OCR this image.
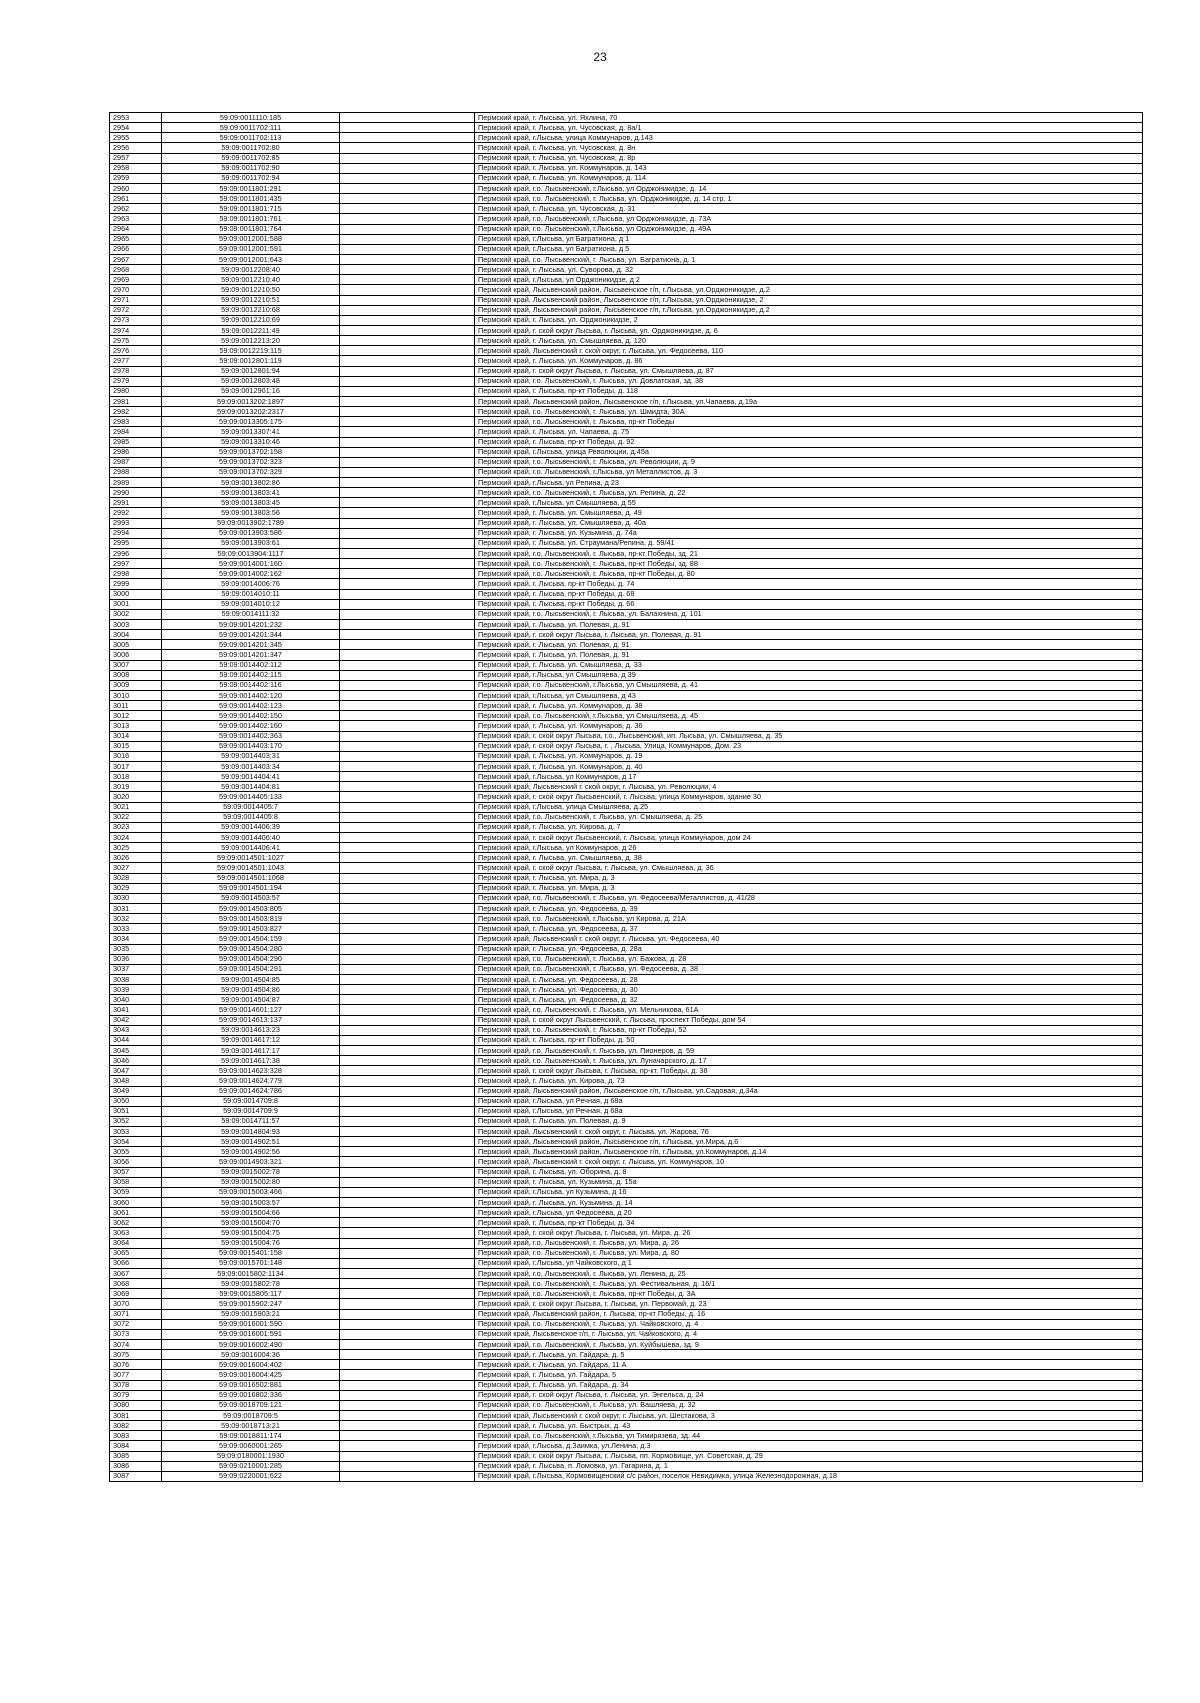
23
2953	59:09:0011110:185		Пермский край, г. Лысьва, ул. Яхлина, 70
2954	59:09:0011702:111		Пермский край, г. Лысьва, ул. Чусовская, д. 8а/1
2955	59:09:0011702:113		Пермский край, г.Лысьва, улица Коммунаров, д.143
2956	59:09:0011702:80		Пермский край, г. Лысьва, ул. Чусовская, д. 8н
2957	59:09:0011702:85		Пермский край, г. Лысьва, ул. Чусовская, д. 8р
2958	59:09:0011702:90		Пермский край, г. Лысьва, ул. Коммунаров, д. 143
2959	59:09:0011702:94		Пермский край, г. Лысьва, ул. Коммунаров, д. 114
2960	59:09:0011801:291		Пермский край, г.о. Лысьвенский, г.Лысьва, ул Орджоникидзе, д. 14
2961	59:09:0011801:435		Пермский край, г.о. Лысьвенский, г. Лысьва, ул. Орджоникидзе, д. 14 стр. 1
2962	59:09:0011801:715		Пермский край, г. Лысьва, ул. Чусовская, д. 31
2963	59:09:0011801:761		Пермский край, г.о. Лысьвенский, г.Лысьва, ул Орджоникидзе, д. 73А
2964	59:09:0011801:764		Пермский край, г.о. Лысьвенский, г.Лысьва, ул Орджоникидзе, д. 49А
2965	59:09:0012001:588		Пермский край, г.Лысьва, ул Багратиона, д 1
2966	59:09:0012001:591		Пермский край, г.Лысьва, ул Багратиона, д 5
2967	59:09:0012001:643		Пермский край, г.о. Лысьвенский, г. Лысьва, ул. Багратиона, д. 1
2968	59:09:0012208:40		Пермский край, г. Лысьва, ул. Суворова, д. 32
2969	59:09:0012210:40		Пермский край, г.Лысьва, ул Орджоникидзе, д 2
2970	59:09:0012210:50		Пермский край, Лысьвенский район, Лысьвенское г/п, г.Лысьва, ул.Орджоникидзе, д.2
2971	59:09:0012210:51		Пермский край, Лысьвенский район, Лысьвенское г/п, г.Лысьва, ул.Орджоникидзе, 2
2972	59:09:0012210:68		Пермский край, Лысьвенский район, Лысьвенское г/п, г.Лысьва, ул.Орджоникидзе, д.2
2973	59:09:0012210:69		Пермский край, г. Лысьва, ул. Орджоникидзе, 2
2974	59:09:0012211:49		Пермский край, г. ской округ Лысьва, г. Лысьва, ул. Орджоникидзе, д. 6
2975	59:09:0012213:20		Пермский край, г. Лысьва, ул. Смышляева, д. 120
2976	59:09:0012219:115		Пермский край, Лысьвенский г. ской округ, г. Лысьва, ул. Федосеева, 110
2977	59:09:0012801:119		Пермский край, г. Лысьва, ул. Коммунаров, д. 86
2978	59:09:0012801:94		Пермский край, г. ской округ Лысьва, г. Лысьва, ул. Смышляева, д. 87
2979	59:09:0012803:48		Пермский край, г.о. Лысьвенский, г. Лысьва, ул. Довлатская, зд. 38
2980	59:09:0012901:16		Пермский край, г. Лысьва, пр-кт Победы, д. 118
2981	59:09:0013202:1897		Пермский край, Лысьвенский район, Лысьвенское г/п, г.Лысьва, ул.Чапаева, д.19а
2982	59:09:0013202:2317		Пермский край, г.о. Лысьвенский, г. Лысьва, ул. Шмидта, 30А
2983	59:09:0013305:175		Пермский край, г.о. Лысьвенский, г. Лысьва, пр-кт Победы
2984	59:09:0013307:41		Пермский край, г. Лысьва, ул. Чапаева, д. 75
2985	59:09:0013310:46		Пермский край, г. Лысьва, пр-кт Победы, д. 92
2986	59:09:0013702:158		Пермский край, г.Лысьва, улица Революции, д.45а
2987	59:09:0013702:323		Пермский край, г.о. Лысьвенский, г. Лысьва, ул. Революции, д. 9
2988	59:09:0013702:329		Пермский край, г.о. Лысьвенский, г.Лысьва, ул Металлистов, д. 3
2989	59:09:0013802:86		Пермский край, г.Лысьва, ул Репина, д 23
2990	59:09:0013803:41		Пермский край, г.о. Лысьвенский, г. Лысьва, ул. Репина, д. 22
2991	59:09:0013803:45		Пермский край, г.Лысьва, ул Смышляева, д 55
2992	59:09:0013803:56		Пермский край, г. Лысьва, ул. Смышляева, д. 49
2993	59:09:0013902:1789		Пермский край, г. Лысьва, ул. Смышляева, д. 40а
2994	59:09:0013903:586		Пермский край, г. Лысьва, ул. Кузьмина, д. 74а
2995	59:09:0013903:61		Пермский край, г. Лысьва, ул. Страумана/Репина, д. 59/41
2996	59:09:0013904:1117		Пермский край, г.о. Лысьвенский, г. Лысьва, пр-кт Победы, зд. 21
2997	59:09:0014001:160		Пермский край, г.о. Лысьвенский, г. Лысьва, пр-кт Победы, зд. 88
2998	59:09:0014002:162		Пермский край, г.о. Лысьвенский, г. Лысьва, пр-кт Победы, д. 80
2999	59:09:0014006:76		Пермский край, г. Лысьва, пр-кт Победы, д. 74
3000	59:09:0014010:11		Пермский край, г. Лысьва, пр-кт Победы, д. 68
3001	59:09:0014010:12		Пермский край, г. Лысьва, пр-кт Победы, д. 66
3002	59:09:0014111:32		Пермский край, г.о. Лысьвенский, г. Лысьва, ул. Балахнина, д. 101
3003	59:09:0014201:232		Пермский край, г. Лысьва, ул. Полевая, д. 91
3004	59:09:0014201:344		Пермский край, г. ской округ Лысьва, г. Лысьва, ул. Полевая, д. 91
3005	59:09:0014201:345		Пермский край, г. Лысьва, ул. Полевая, д. 91
3006	59:09:0014201:347		Пермский край, г. Лысьва, ул. Полевая, д. 91
3007	59:09:0014402:112		Пермский край, г. Лысьва, ул. Смышляева, д. 33
3008	59:09:0014402:115		Пермский край, г.Лысьва, ул Смышляева, д 39
3009	59:09:0014402:116		Пермский край, г.о. Лысьвенский, г.Лысьва, ул Смышляева, д. 41
3010	59:09:0014402:120		Пермский край, г.Лысьва, ул Смышляева, д 43
3011	59:09:0014402:123		Пермский край, г. Лысьва, ул. Коммунаров, д. 38
3012	59:09:0014402:150		Пермский край, г.о. Лысьвенский, г.Лысьва, ул Смышляева, д. 45
3013	59:09:0014402:160		Пермский край, г. Лысьва, ул. Коммунаров, д. 36
3014	59:09:0014402:363		Пермский край, г. ской округ Лысьва, г.о., Лысьвенский, ип. Лысьва, ул. Смышляева, д. 35
3015	59:09:0014403:170		Пермский край, г. ской округ Лысьва, г. , Лысьва, Улица, Коммунаров, Дом. 23
3016	59:09:0014403:31		Пермский край, г. Лысьва, ул. Коммунаров, д. 19
3017	59:09:0014403:34		Пермский край, г. Лысьва, ул. Коммунаров, д. 40
3018	59:09:0014404:41		Пермский край, г.Лысьва, ул Коммунаров, д 17
3019	59:09:0014404:81		Пермский край, Лысьвенский г. ской округ, г. Лысьва, ул. Революции, 4
3020	59:09:0014405:133		Пермский край, г. ской округ Лысьвенский, г. Лысьва, улица Коммунаров, здание 30
3021	59:09:0014405:7		Пермский край, г.Лысьва, улица Смышляева, д.25
3022	59:09:0014405:8		Пермский край, г.о. Лысьвенский, г. Лысьва, ул. Смышляева, д. 25
3023	59:09:0014406:39		Пермский край, г. Лысьва, ул. Кирова, д. 7
3024	59:09:0014406:40		Пермский край, г. ской округ Лысьвенский, г. Лысьва, улица Коммунаров, дом 24
3025	59:09:0014406:41		Пермский край, г.Лысьва, ул Коммунаров, д 26
3026	59:09:0014501:1027		Пермский край, г. Лысьва, ул. Смышляева, д. 38
3027	59:09:0014501:1043		Пермский край, г. ской округ Лысьва, г. Лысьва, ул. Смышляева, д. 36
3028	59:09:0014501:1068		Пермский край, г. Лысьва, ул. Мира, д. 3
3029	59:09:0014501:194		Пермский край, г. Лысьва, ул. Мира, д. 3
3030	59:09:0014503:57		Пермский край, г.о. Лысьвенский, г. Лысьва, ул. Федосеева/Металлистов, д. 41/28
3031	59:09:0014503:805		Пермский край, г. Лысьва, ул. Федосеева, д. 39
3032	59:09:0014503:819		Пермский край, г.о. Лысьвенский, г.Лысьва, ул Кирова, д. 21А
3033	59:09:0014503:827		Пермский край, г. Лысьва, ул. Федосеева, д. 37
3034	59:09:0014504:159		Пермский край, Лысьвенский г. ской округ, г. Лысьва, ул. Федосеева, 40
3035	59:09:0014504:280		Пермский край, г. Лысьва, ул. Федосеева, д. 28а
3036	59:09:0014504:290		Пермский край, г.о. Лысьвенский, г. Лысьва, ул. Бажова, д. 28
3037	59:09:0014504:291		Пермский край, г.о. Лысьвенский, г. Лысьва, ул. Федосеева, д. 38
3038	59:09:0014504:85		Пермский край, г. Лысьва, ул. Федосеева, д. 28
3039	59:09:0014504:86		Пермский край, г. Лысьва, ул. Федосеева, д. 30
3040	59:09:0014504:87		Пермский край, г. Лысьва, ул. Федосеева, д. 32
3041	59:09:0014601:127		Пермский край, г.о. Лысьвенский, г. Лысьва, ул. Мельникова, 61А
3042	59:09:0014613:137		Пермский край, г. ской округ Лысьвенский, г. Лысьва, проспект Победы, дом 54
3043	59:09:0014613:23		Пермский край, г.о. Лысьвенский, г. Лысьва, пр-кт Победы, 52
3044	59:09:0014617:12		Пермский край, г. Лысьва, пр-кт Победы, д. 50
3045	59:09:0014617:17		Пермский край, г.о. Лысьвенский, г. Лысьва, ул. Пионеров, д. 59
3046	59:09:0014617:38		Пермский край, г.о. Лысьвенский, г. Лысьва, ул. Луначарского, д. 17
3047	59:09:0014623:328		Пермский край, г. ской округ Лысьва, г. Лысьва, пр-кт. Победы, д. 38
3048	59:09:0014624:779		Пермский край, г. Лысьва, ул. Кирова, д. 73
3049	59:09:0014624:786		Пермский край, Лысьвенский район, Лысьвенское г/п, г.Лысьва, ул.Садовая, д.34а
3050	59:09:0014709:8		Пермский край, г.Лысьва, ул Речная, д 68а
3051	59:09:0014709:9		Пермский край, г.Лысьва, ул Речная, д 68а
3052	59:09:0014711:57		Пермский край, г. Лысьва, ул. Полевая, д. 9
3053	59:09:0014804:93		Пермский край, Лысьвенский г. ской округ, г. Лысьва, ул. Жарова, 76
3054	59:09:0014902:51		Пермский край, Лысьвенский район, Лысьвенское г/п, г.Лысьва, ул.Мира, д.6
3055	59:09:0014902:56		Пермский край, Лысьвенский район, Лысьвенское г/п, г.Лысьва, ул.Коммунаров, д.14
3056	59:09:0014903:321		Пермский край, Лысьвенский г. ской округ, г. Лысьва, ул. Коммунаров, 10
3057	59:09:0015002:78		Пермский край, г. Лысьва, ул. Оборина, д. 8
3058	59:09:0015002:80		Пермский край, г. Лысьва, ул. Кузьмина, д. 15а
3059	59:09:0015003:466		Пермский край, г.Лысьва, ул Кузьмина, д 16
3060	59:09:0015003:57		Пермский край, г. Лысьва, ул. Кузьмина, д. 14
3061	59:09:0015004:66		Пермский край, г.Лысьва, ул Федосеева, д 20
3062	59:09:0015004:70		Пермский край, г. Лысьва, пр-кт Победы, д. 34
3063	59:09:0015004:75		Пермский край, г. ской округ Лысьва, г. Лысьва, ул. Мира, д. 26
3064	59:09:0015004:76		Пермский край, г.о. Лысьвенский, г. Лысьва, ул. Мира, д. 26
3065	59:09:0015401:158		Пермский край, г.о. Лысьвенский, г. Лысьва, ул. Мира, д. 80
3066	59:09:0015701:148		Пермский край, г.Лысьва, ул Чайковского, д 1
3067	59:09:0015802:1134		Пермский край, г.о. Лысьвенский, г. Лысьва, ул. Ленина, д. 25
3068	59:09:0015802:78		Пермский край, г.о. Лысьвенский, г. Лысьва, ул. Фестивальная, д. 16/1
3069	59:09:0015805:117		Пермский край, г.о. Лысьвенский, г. Лысьва, пр-кт Победы, д. 3А
3070	59:09:0015902:247		Пермский край, г. ской округ Лысьва, г. Лысьва, ул. Первомай, д. 23
3071	59:09:0015903:21		Пермский край, Лысьвенский район, г. Лысьва, пр-кт Победы, д. 16
3072	59:09:0016001:590		Пермский край, г.о. Лысьвенский, г. Лысьва, ул. Чайковского, д. 4
3073	59:09:0016001:591		Пермский край, Лысьвенское г/п, г. Лысьва, ул. Чайковского, д. 4
3074	59:09:0016002:490		Пермский край, г.о. Лысьвенский, г. Лысьва, ул. Куйбышева, зд. 9
3075	59:09:0016004:36		Пермский край, г. Лысьва, ул. Гайдара, д. 5
3076	59:09:0016004:402		Пермский край, г. Лысьва, ул. Гайдара, 11 А
3077	59:09:0016004:425		Пермский край, г. Лысьва, ул. Гайдара, 5
3078	59:09:0016502:881		Пермский край, г. Лысьва, ул. Гайдара, д. 34
3079	59:09:0016802:336		Пермский край, г. ской округ Лысьва, г. Лысьва, ул. Энгельса, д. 24
3080	59:09:0018709:121		Пермский край, г.о. Лысьвенский, г. Лысьва, ул. Вашляева, д. 32
3081	59:09:0018709:5		Пермский край, Лысьвенский г. ской округ, г. Лысьва, ул. Шестакова, 3
3082	59:09:0018713:21		Пермский край, г. Лысьва, ул. Быстрых, д. 43
3083	59:09:0018811:174		Пермский край, г.о. Лысьвенский, г.Лысьва, ул Тимирязева, зд. 44
3084	59:09:0060001:265		Пермский край, г.Лысьва, д.Заимка, ул.Ленина, д.3
3085	59:09:0180001:1930		Пермский край, г. ской округ Лысьва, г. Лысьва, пп. Кормовище, ул. Советская, д. 29
3086	59:09:0210001:285		Пермский край, г. Лысьва, п. Ломовка, ул. Гагарина, д. 1
3087	59:09:0220001:622		Пермский край, г.Лысьва, Кормовищенский с/с район, поселок Невидимка, улица Железнодорожная, д.18
